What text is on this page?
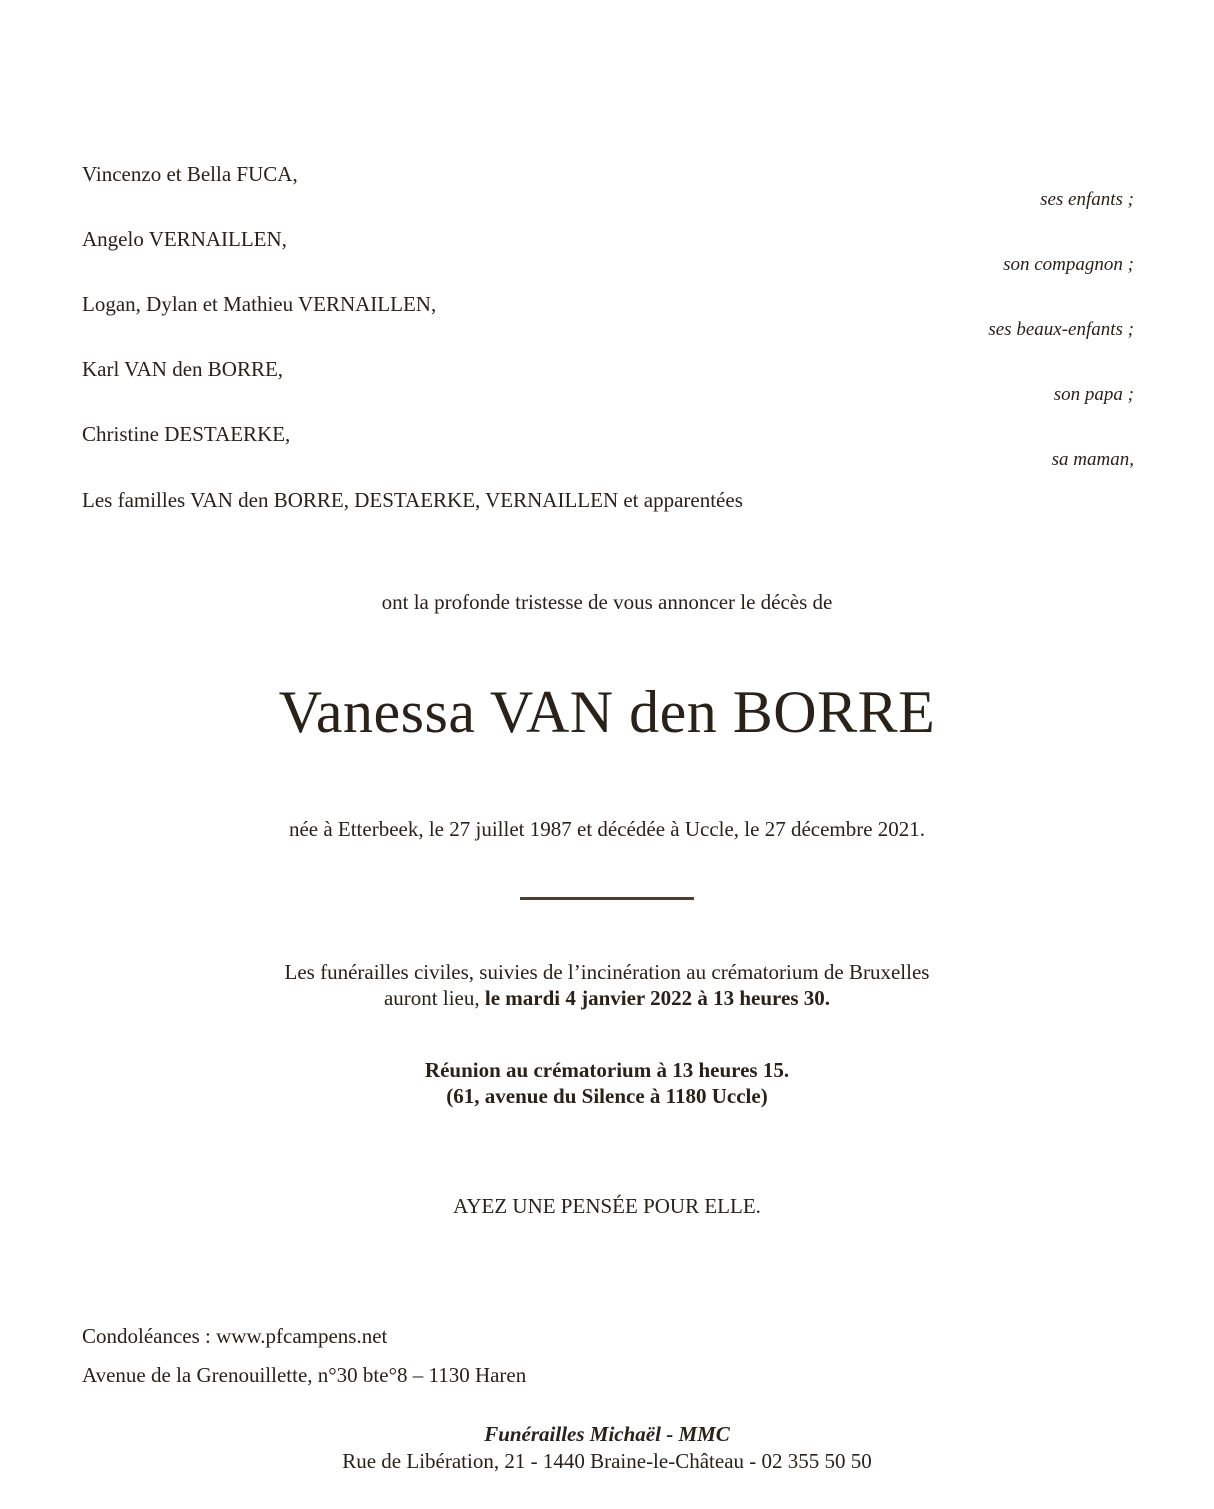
Vincenzo et Bella FUCA,
ses enfants ;
Angelo VERNAILLEN,
son compagnon ;
Logan, Dylan et Mathieu VERNAILLEN,
ses beaux-enfants ;
Karl VAN den BORRE,
son papa ;
Christine DESTAERKE,
sa maman,
Les familles VAN den BORRE, DESTAERKE, VERNAILLEN et apparentées
ont la profonde tristesse de vous annoncer le décès de
Vanessa VAN den BORRE
née à Etterbeek, le 27 juillet 1987 et décédée à Uccle, le 27 décembre 2021.
Les funérailles civiles, suivies de l’incinération au crématorium de Bruxelles
auront lieu, le mardi 4 janvier 2022 à 13 heures 30.
Réunion au crématorium à 13 heures 15.
(61, avenue du Silence à 1180 Uccle)
AYEZ UNE PENSÉE POUR ELLE.
Condoléances : www.pfcampens.net
Avenue de la Grenouillette, n°30 bte°8 – 1130 Haren
Funérailles Michaël - MMC
Rue de Libération, 21 - 1440 Braine-le-Château - 02 355 50 50
